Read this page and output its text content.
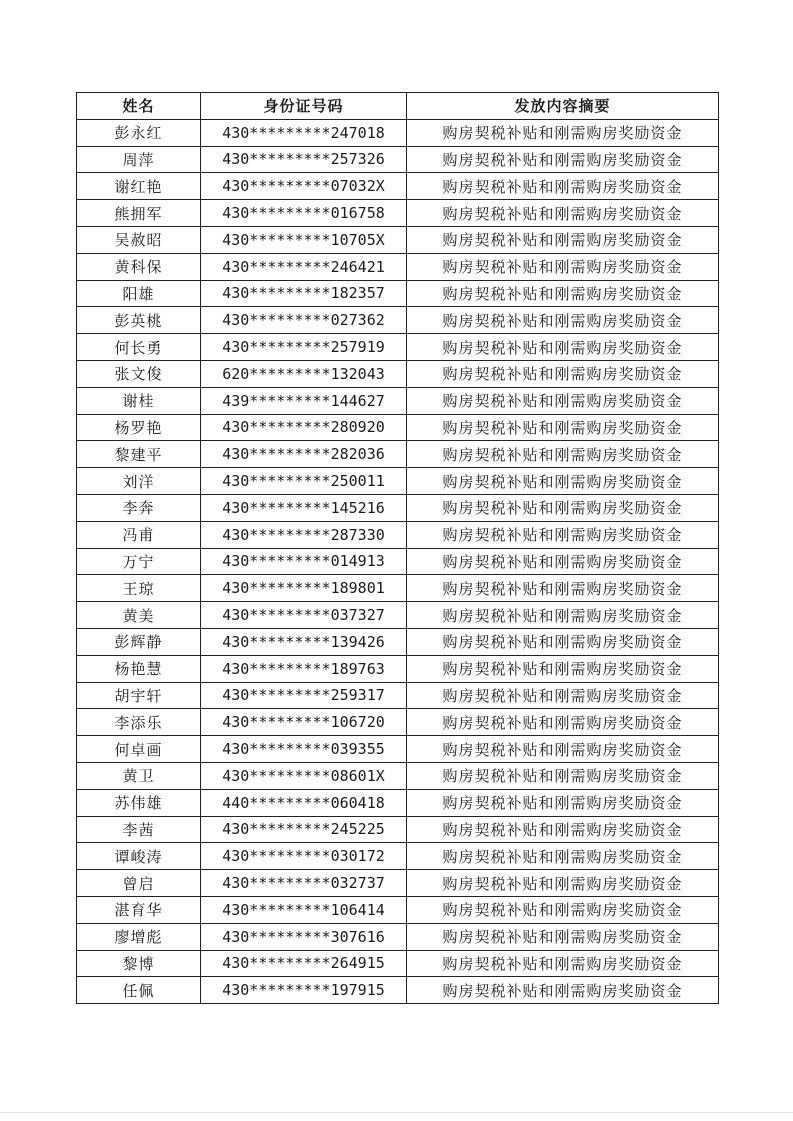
姓名	身份证号码	发放内容摘要
彭永红	430*********247018	购房契税补贴和刚需购房奖励资金
周萍	430*********257326	购房契税补贴和刚需购房奖励资金
谢红艳	430*********07032X	购房契税补贴和刚需购房奖励资金
熊拥军	430*********016758	购房契税补贴和刚需购房奖励资金
吴赦昭	430*********10705X	购房契税补贴和刚需购房奖励资金
黄科保	430*********246421	购房契税补贴和刚需购房奖励资金
阳雄	430*********182357	购房契税补贴和刚需购房奖励资金
彭英桃	430*********027362	购房契税补贴和刚需购房奖励资金
何长勇	430*********257919	购房契税补贴和刚需购房奖励资金
张文俊	620*********132043	购房契税补贴和刚需购房奖励资金
谢桂	439*********144627	购房契税补贴和刚需购房奖励资金
杨罗艳	430*********280920	购房契税补贴和刚需购房奖励资金
黎建平	430*********282036	购房契税补贴和刚需购房奖励资金
刘洋	430*********250011	购房契税补贴和刚需购房奖励资金
李奔	430*********145216	购房契税补贴和刚需购房奖励资金
冯甫	430*********287330	购房契税补贴和刚需购房奖励资金
万宁	430*********014913	购房契税补贴和刚需购房奖励资金
王琼	430*********189801	购房契税补贴和刚需购房奖励资金
黄美	430*********037327	购房契税补贴和刚需购房奖励资金
彭辉静	430*********139426	购房契税补贴和刚需购房奖励资金
杨艳慧	430*********189763	购房契税补贴和刚需购房奖励资金
胡宇轩	430*********259317	购房契税补贴和刚需购房奖励资金
李添乐	430*********106720	购房契税补贴和刚需购房奖励资金
何卓画	430*********039355	购房契税补贴和刚需购房奖励资金
黄卫	430*********08601X	购房契税补贴和刚需购房奖励资金
苏伟雄	440*********060418	购房契税补贴和刚需购房奖励资金
李茜	430*********245225	购房契税补贴和刚需购房奖励资金
谭峻涛	430*********030172	购房契税补贴和刚需购房奖励资金
曾启	430*********032737	购房契税补贴和刚需购房奖励资金
湛育华	430*********106414	购房契税补贴和刚需购房奖励资金
廖增彪	430*********307616	购房契税补贴和刚需购房奖励资金
黎博	430*********264915	购房契税补贴和刚需购房奖励资金
任佩	430*********197915	购房契税补贴和刚需购房奖励资金
